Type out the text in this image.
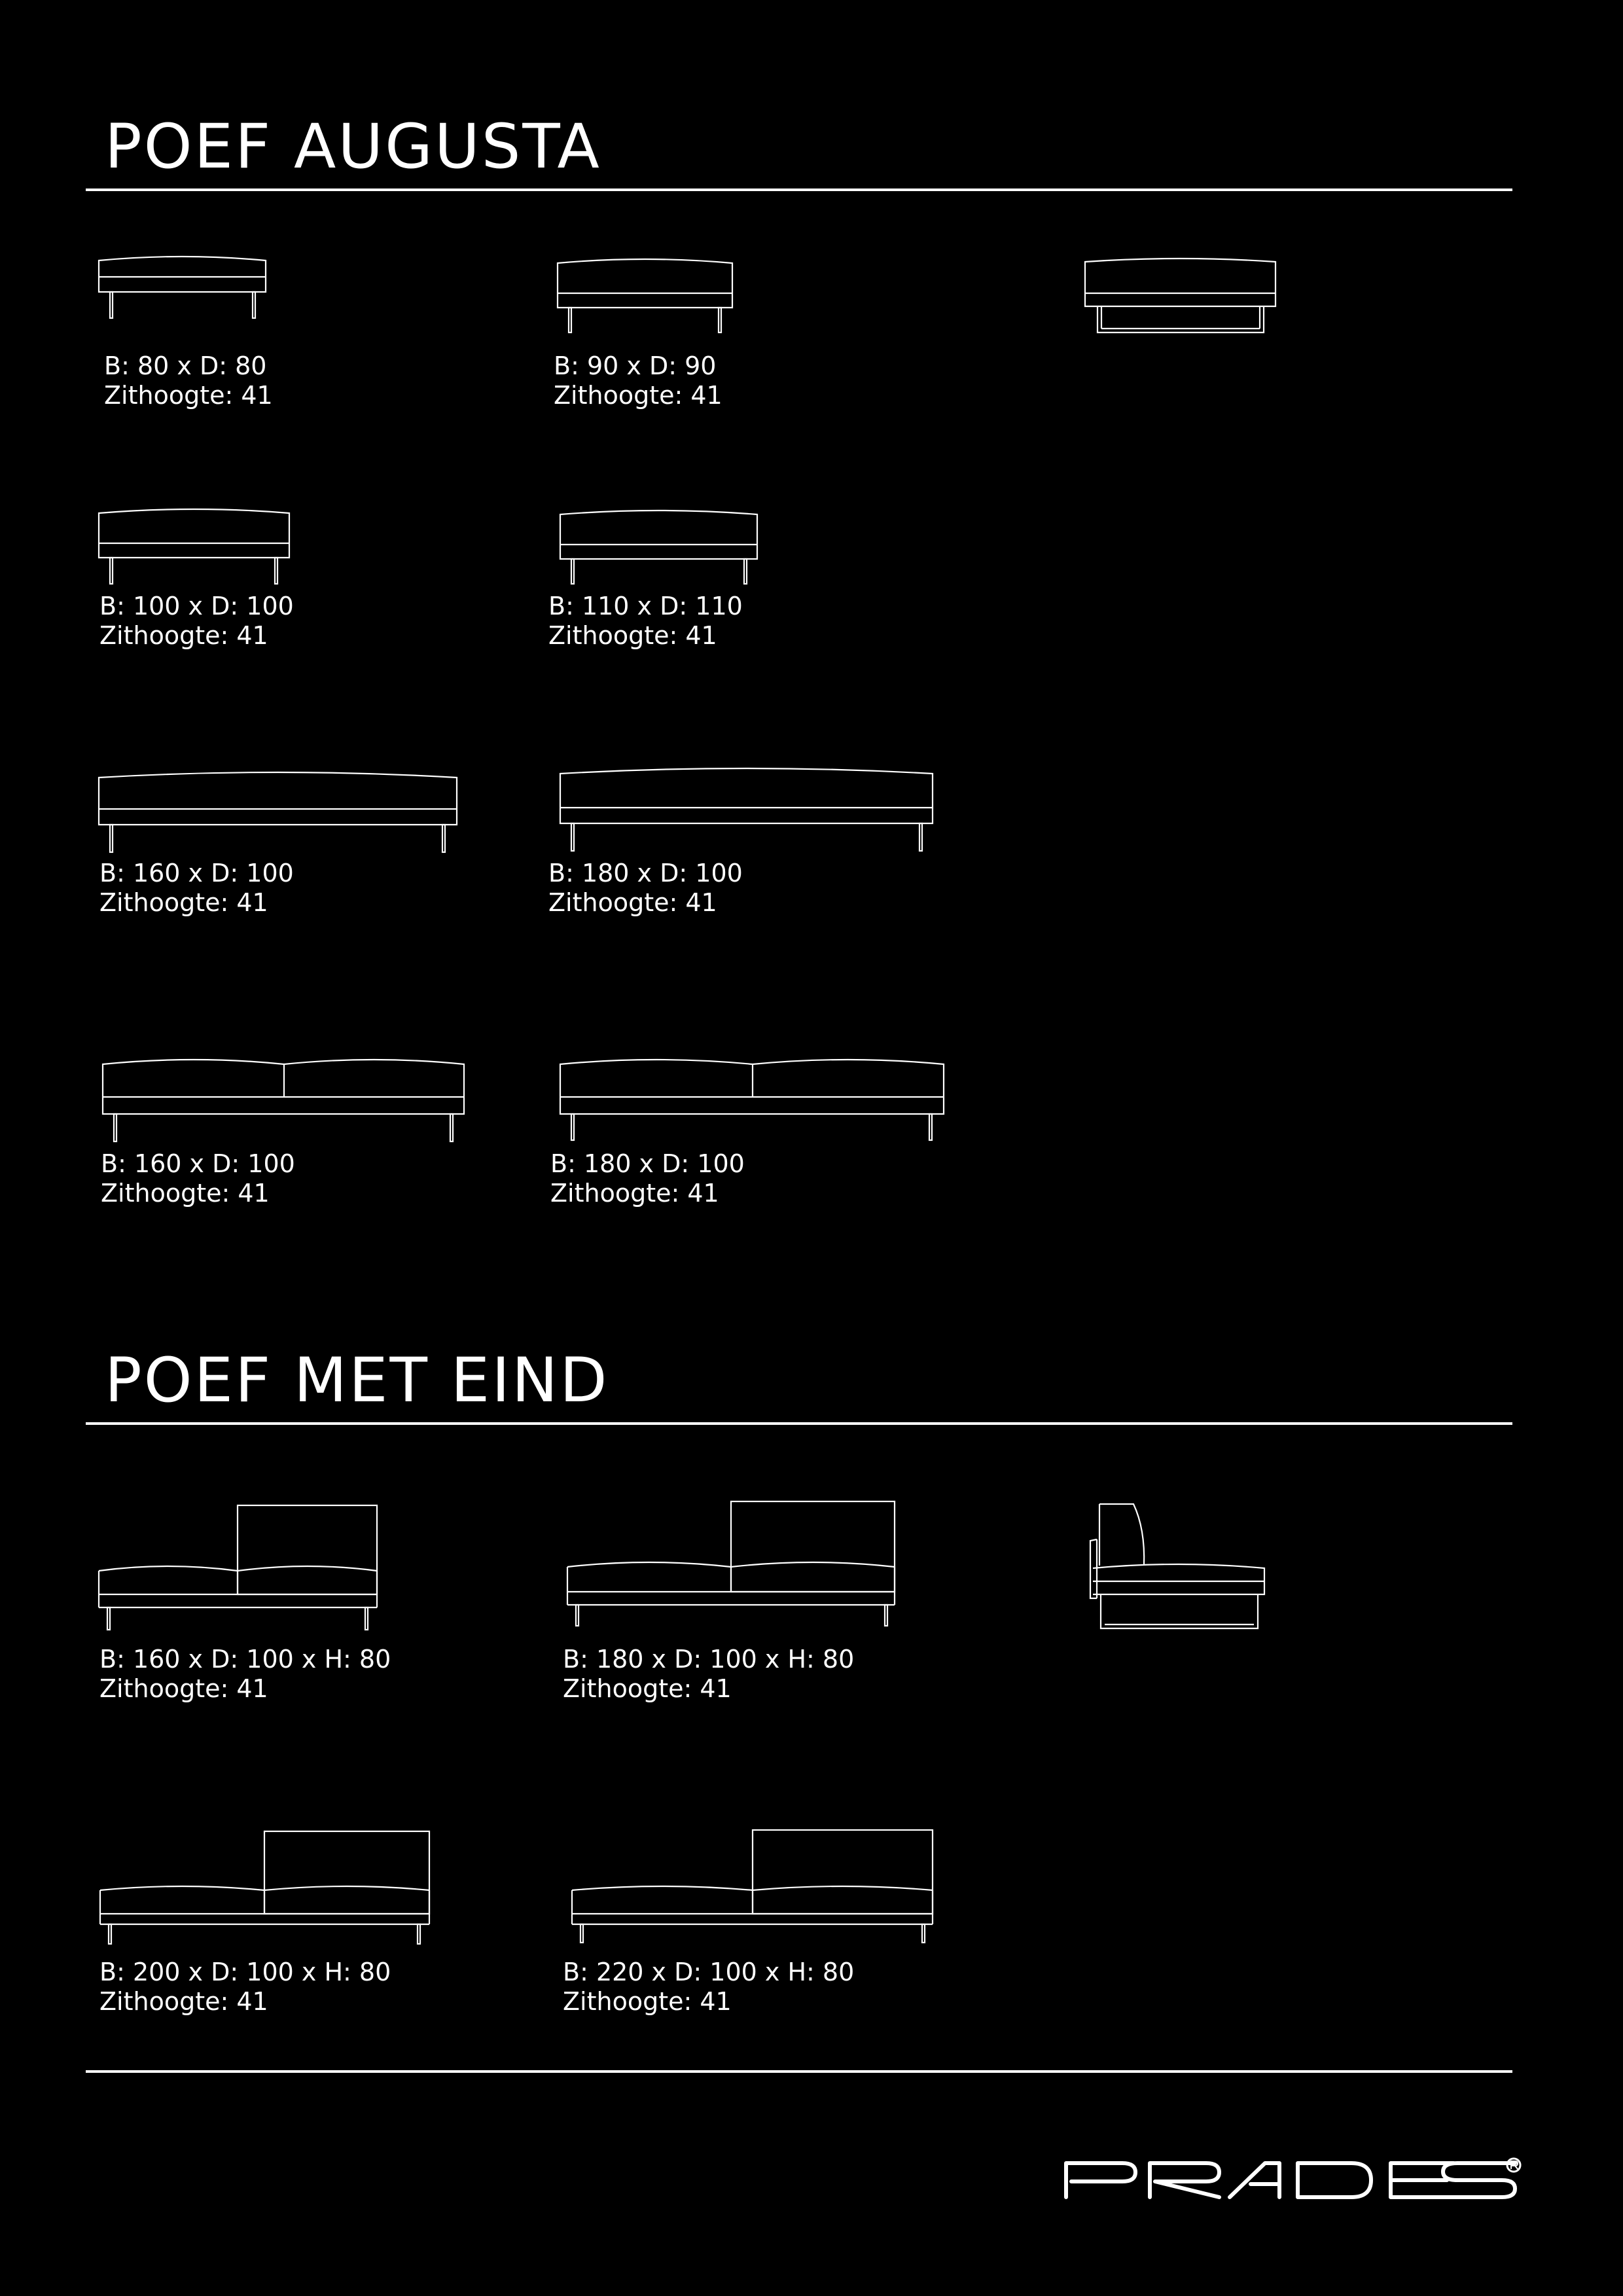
POEF AUGUSTA
B: 80 x D: 80
Zithoogte: 41
B: 90 x D: 90
Zithoogte: 41
B: 100 x D: 100
Zithoogte: 41
B: 110 x D: 110
Zithoogte: 41
B: 160 x D: 100
Zithoogte: 41
B: 180 x D: 100
Zithoogte: 41
B: 160 x D: 100
Zithoogte: 41
B: 180 x D: 100
Zithoogte: 41
POEF MET EIND
B: 160 x D: 100 x H: 80
Zithoogte: 41
B: 180 x D: 100 x H: 80
Zithoogte: 41
B: 200 x D: 100 x H: 80
Zithoogte: 41
B: 220 x D: 100 x H: 80
Zithoogte: 41
